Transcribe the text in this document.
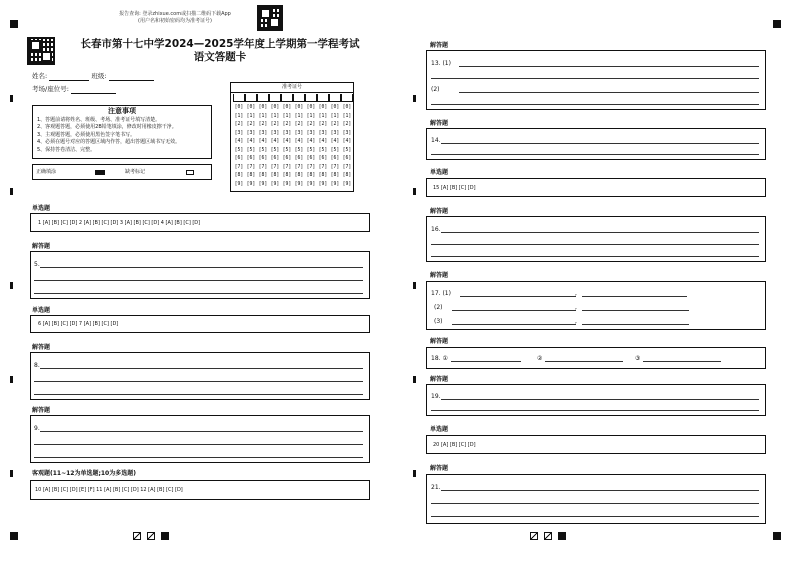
报告查询: 登录zhixue.com或扫描二维码下载App
(用户名和初始密码均为准考证号)
长春市第十七中学2024—2025学年度上学期第一学程考试
语文答题卡
姓名:	班级:
考场/座位号:	准考证号
[0] [0] [0] [0] [0] [0] [0] [0] [0] [0]
[1] [1] [1] [1] [1] [1] [1] [1] [1] [1]
[2] [2] [2] [2] [2] [2] [2] [2] [2] [2]
[3] [3] [3] [3] [3] [3] [3] [3] [3] [3]
[4] [4] [4] [4] [4] [4] [4] [4] [4] [4]
[5] [5] [5] [5] [5] [5] [5] [5] [5] [5]
[6] [6] [6] [6] [6] [6] [6] [6] [6] [6]
[7] [7] [7] [7] [7] [7] [7] [7] [7] [7]
[8] [8] [8] [8] [8] [8] [8] [8] [8] [8]
[9] [9] [9] [9] [9] [9] [9] [9] [9] [9]
注意事项
1、答题前请将姓名、班级、考场、准考证号填写清楚。
2、客观题答题，必须使用2B铅笔填涂，修改时用橡皮擦干净。
3、主观题答题，必须使用黑色签字笔书写。
4、必须在题号对应的答题区域内作答，超出答题区域书写无效。
5、保持答卷清洁、完整。
正确填涂	缺考标记
单选题
1 [A] [B] [C] [D] 2 [A] [B] [C] [D] 3 [A] [B] [C] [D] 4 [A] [B] [C] [D]
解答题
5.
单选题
6 [A] [B] [C] [D] 7 [A] [B] [C] [D]
解答题
8.
解答题
9.
客观题(11~12为单选题;10为多选题)
10 [A] [B] [C] [D] [E] [F] 11 [A] [B] [C] [D] 12 [A] [B] [C] [D]
解答题
13. (1)
(2)
解答题
14.
单选题
15 [A] [B] [C] [D]
解答题
16.
解答题
17. (1)	,
(2)	,
(3)	,
解答题
18. ①	②	③
解答题
19.
单选题
20 [A] [B] [C] [D]
解答题
21.
